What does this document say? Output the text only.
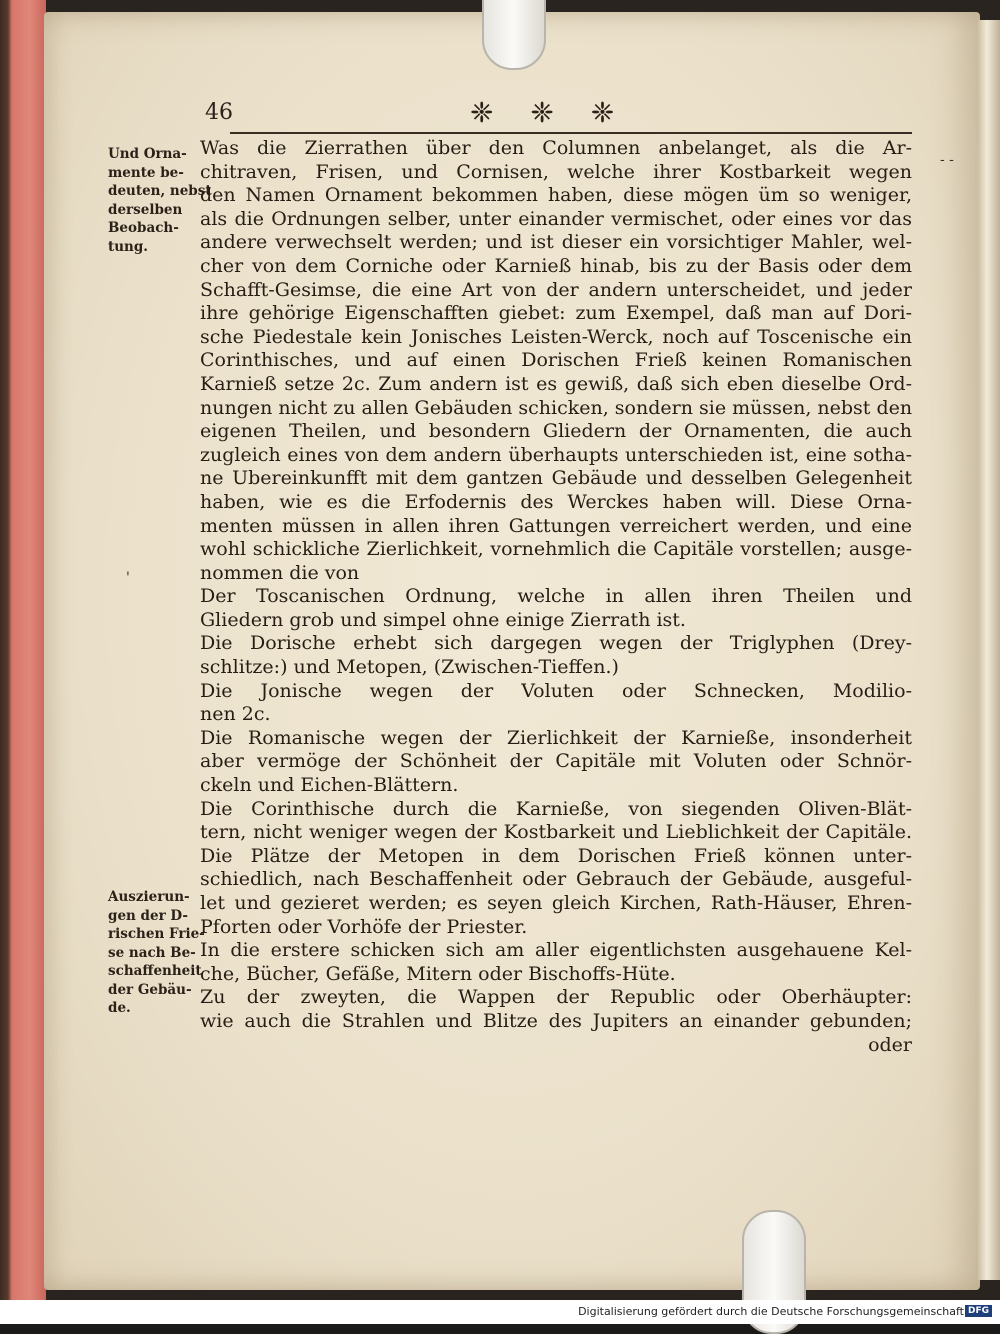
46	❈ ❈ ❈
Und Orna-
mente be-
deuten, nebst
derselben
Beobach-
tung.
Auszierun-
gen der D-
rischen Frie-
se nach Be-
schaffenheit
der Gebäu-
de.
'
- -
Was die Zierrathen über den Columnen anbelanget, als die Ar-
chitraven, Frisen, und Cornisen, welche ihrer Kostbarkeit wegen
den Namen Ornament bekommen haben, diese mögen üm so weniger,
als die Ordnungen selber, unter einander vermischet, oder eines vor das
andere verwechselt werden; und ist dieser ein vorsichtiger Mahler, wel-
cher von dem Corniche oder Karnieß hinab, bis zu der Basis oder dem
Schafft-Gesimse, die eine Art von der andern unterscheidet, und jeder
ihre gehörige Eigenschafften giebet: zum Exempel, daß man auf Dori-
sche Piedestale kein Jonisches Leisten-Werck, noch auf Toscenische ein
Corinthisches, und auf einen Dorischen Frieß keinen Romanischen
Karnieß setze 2c. Zum andern ist es gewiß, daß sich eben dieselbe Ord-
nungen nicht zu allen Gebäuden schicken, sondern sie müssen, nebst den
eigenen Theilen, und besondern Gliedern der Ornamenten, die auch
zugleich eines von dem andern überhaupts unterschieden ist, eine sotha-
ne Ubereinkunfft mit dem gantzen Gebäude und desselben Gelegenheit
haben, wie es die Erfodernis des Werckes haben will. Diese Orna-
menten müssen in allen ihren Gattungen verreichert werden, und eine
wohl schickliche Zierlichkeit, vornehmlich die Capitäle vorstellen; ausge-
nommen die von
Der Toscanischen Ordnung, welche in allen ihren Theilen und
Gliedern grob und simpel ohne einige Zierrath ist.
Die Dorische erhebt sich dargegen wegen der Triglyphen (Drey-
schlitze:) und Metopen, (Zwischen-Tieffen.)
Die Jonische wegen der Voluten oder Schnecken, Modilio-
nen 2c.
Die Romanische wegen der Zierlichkeit der Karnieße, insonderheit
aber vermöge der Schönheit der Capitäle mit Voluten oder Schnör-
ckeln und Eichen-Blättern.
Die Corinthische durch die Karnieße, von siegenden Oliven-Blät-
tern, nicht weniger wegen der Kostbarkeit und Lieblichkeit der Capitäle.
Die Plätze der Metopen in dem Dorischen Frieß können unter-
schiedlich, nach Beschaffenheit oder Gebrauch der Gebäude, ausgeful-
let und gezieret werden; es seyen gleich Kirchen, Rath-Häuser, Ehren-
Pforten oder Vorhöfe der Priester.
In die erstere schicken sich am aller eigentlichsten ausgehauene Kel-
che, Bücher, Gefäße, Mitern oder Bischoffs-Hüte.
Zu der zweyten, die Wappen der Republic oder Oberhäupter:
wie auch die Strahlen und Blitze des Jupiters an einander gebunden;
oder
Digitalisierung gefördert durch die Deutsche Forschungsgemeinschaft DFG
